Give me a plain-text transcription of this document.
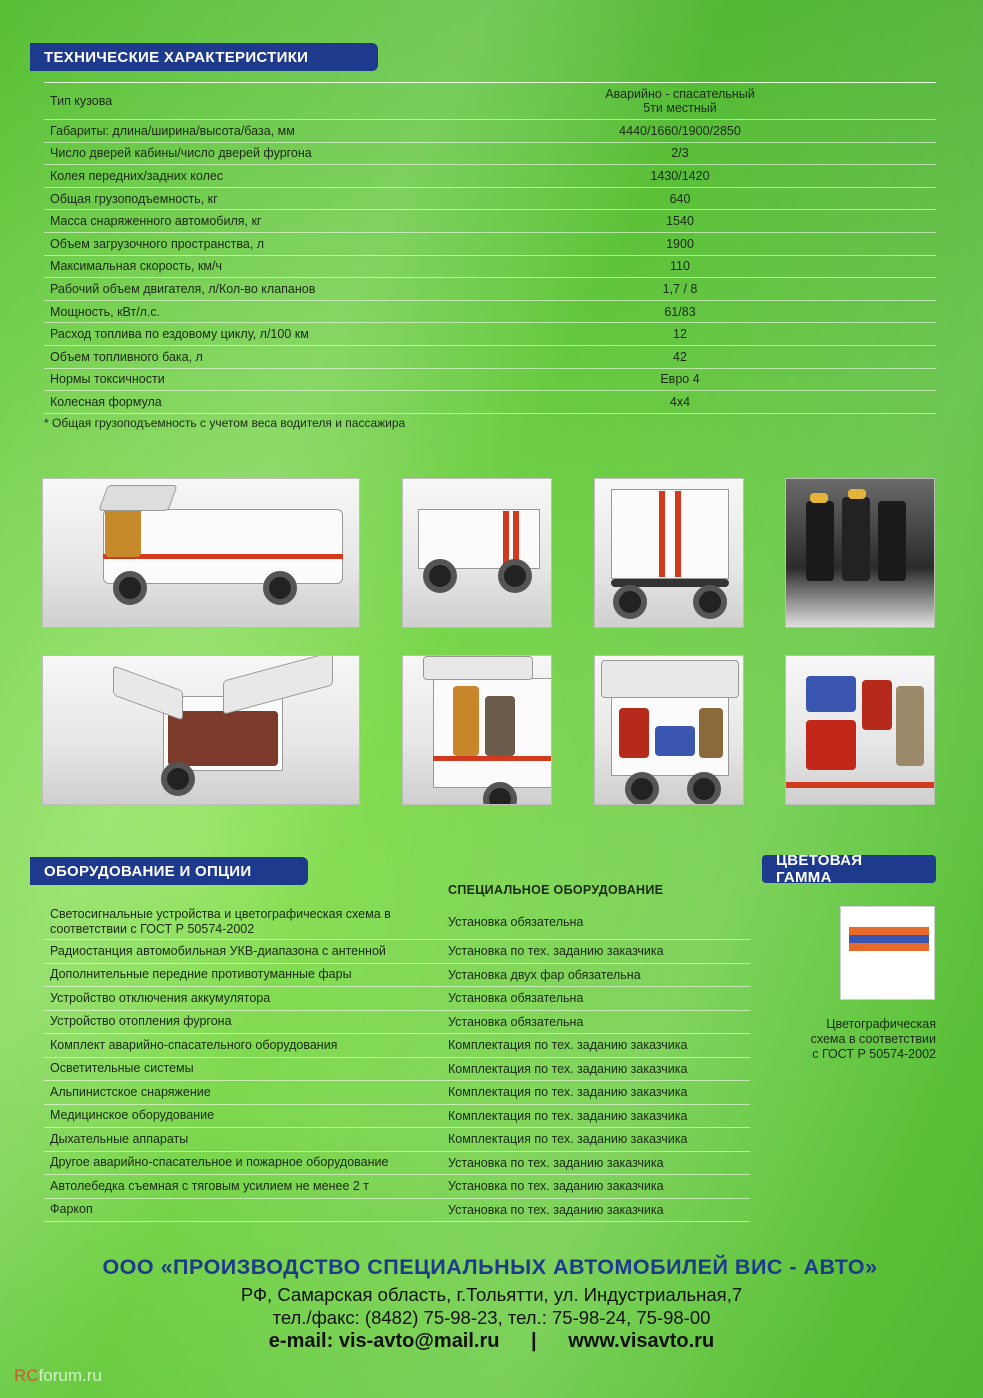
ТЕХНИЧЕСКИЕ ХАРАКТЕРИСТИКИ
Тип кузова	Аварийно - спасательный
5ти местный
Габариты: длина/ширина/высота/база, мм	4440/1660/1900/2850
Число дверей кабины/число дверей фургона	2/3
Колея передних/задних колес	1430/1420
Общая грузоподъемность, кг	640
Масса снаряженного автомобиля, кг	1540
Объем загрузочного пространства, л	1900
Максимальная скорость, км/ч	110
Рабочий объем двигателя, л/Кол-во клапанов	1,7 / 8
Мощность, кВт/л.с.	61/83
Расход топлива по ездовому циклу, л/100 км	12
Объем топливного бака, л	42
Нормы токсичности	Евро 4
Колесная формула	4x4
* Общая грузоподъемность с учетом веса водителя и пассажира
ОБОРУДОВАНИЕ И ОПЦИИ
СПЕЦИАЛЬНОЕ ОБОРУДОВАНИЕ
Светосигнальные устройства и цветографическая схема в соответствии с ГОСТ Р 50574-2002	Установка обязательна
Радиостанция автомобильная УКВ-диапазона с антенной	Установка по тех. заданию заказчика
Дополнительные передние противотуманные фары	Установка двух фар обязательна
Устройство отключения аккумулятора	Установка обязательна
Устройство отопления фургона	Установка обязательна
Комплект аварийно-спасательного оборудования	Комплектация по тех. заданию заказчика
Осветительные системы	Комплектация по тех. заданию заказчика
Альпинистское снаряжение	Комплектация по тех. заданию заказчика
Медицинское оборудование	Комплектация по тех. заданию заказчика
Дыхательные аппараты	Комплектация по тех. заданию заказчика
Другое аварийно-спасательное и пожарное оборудование	Установка по тех. заданию заказчика
Автолебедка съемная с тяговым усилием не менее 2 т	Установка по тех. заданию заказчика
Фаркоп	Установка по тех. заданию заказчика
ЦВЕТОВАЯ ГАММА
Цветографическая
схема в соответствии
с ГОСТ Р 50574-2002
ООО «ПРОИЗВОДСТВО СПЕЦИАЛЬНЫХ АВТОМОБИЛЕЙ ВИС - АВТО»
РФ, Самарская область, г.Тольятти, ул. Индустриальная,7
тел./факс: (8482) 75-98-23, тел.: 75-98-24, 75-98-00
e-mail: vis-avto@mail.ru | www.visavto.ru
RCforum.ru
